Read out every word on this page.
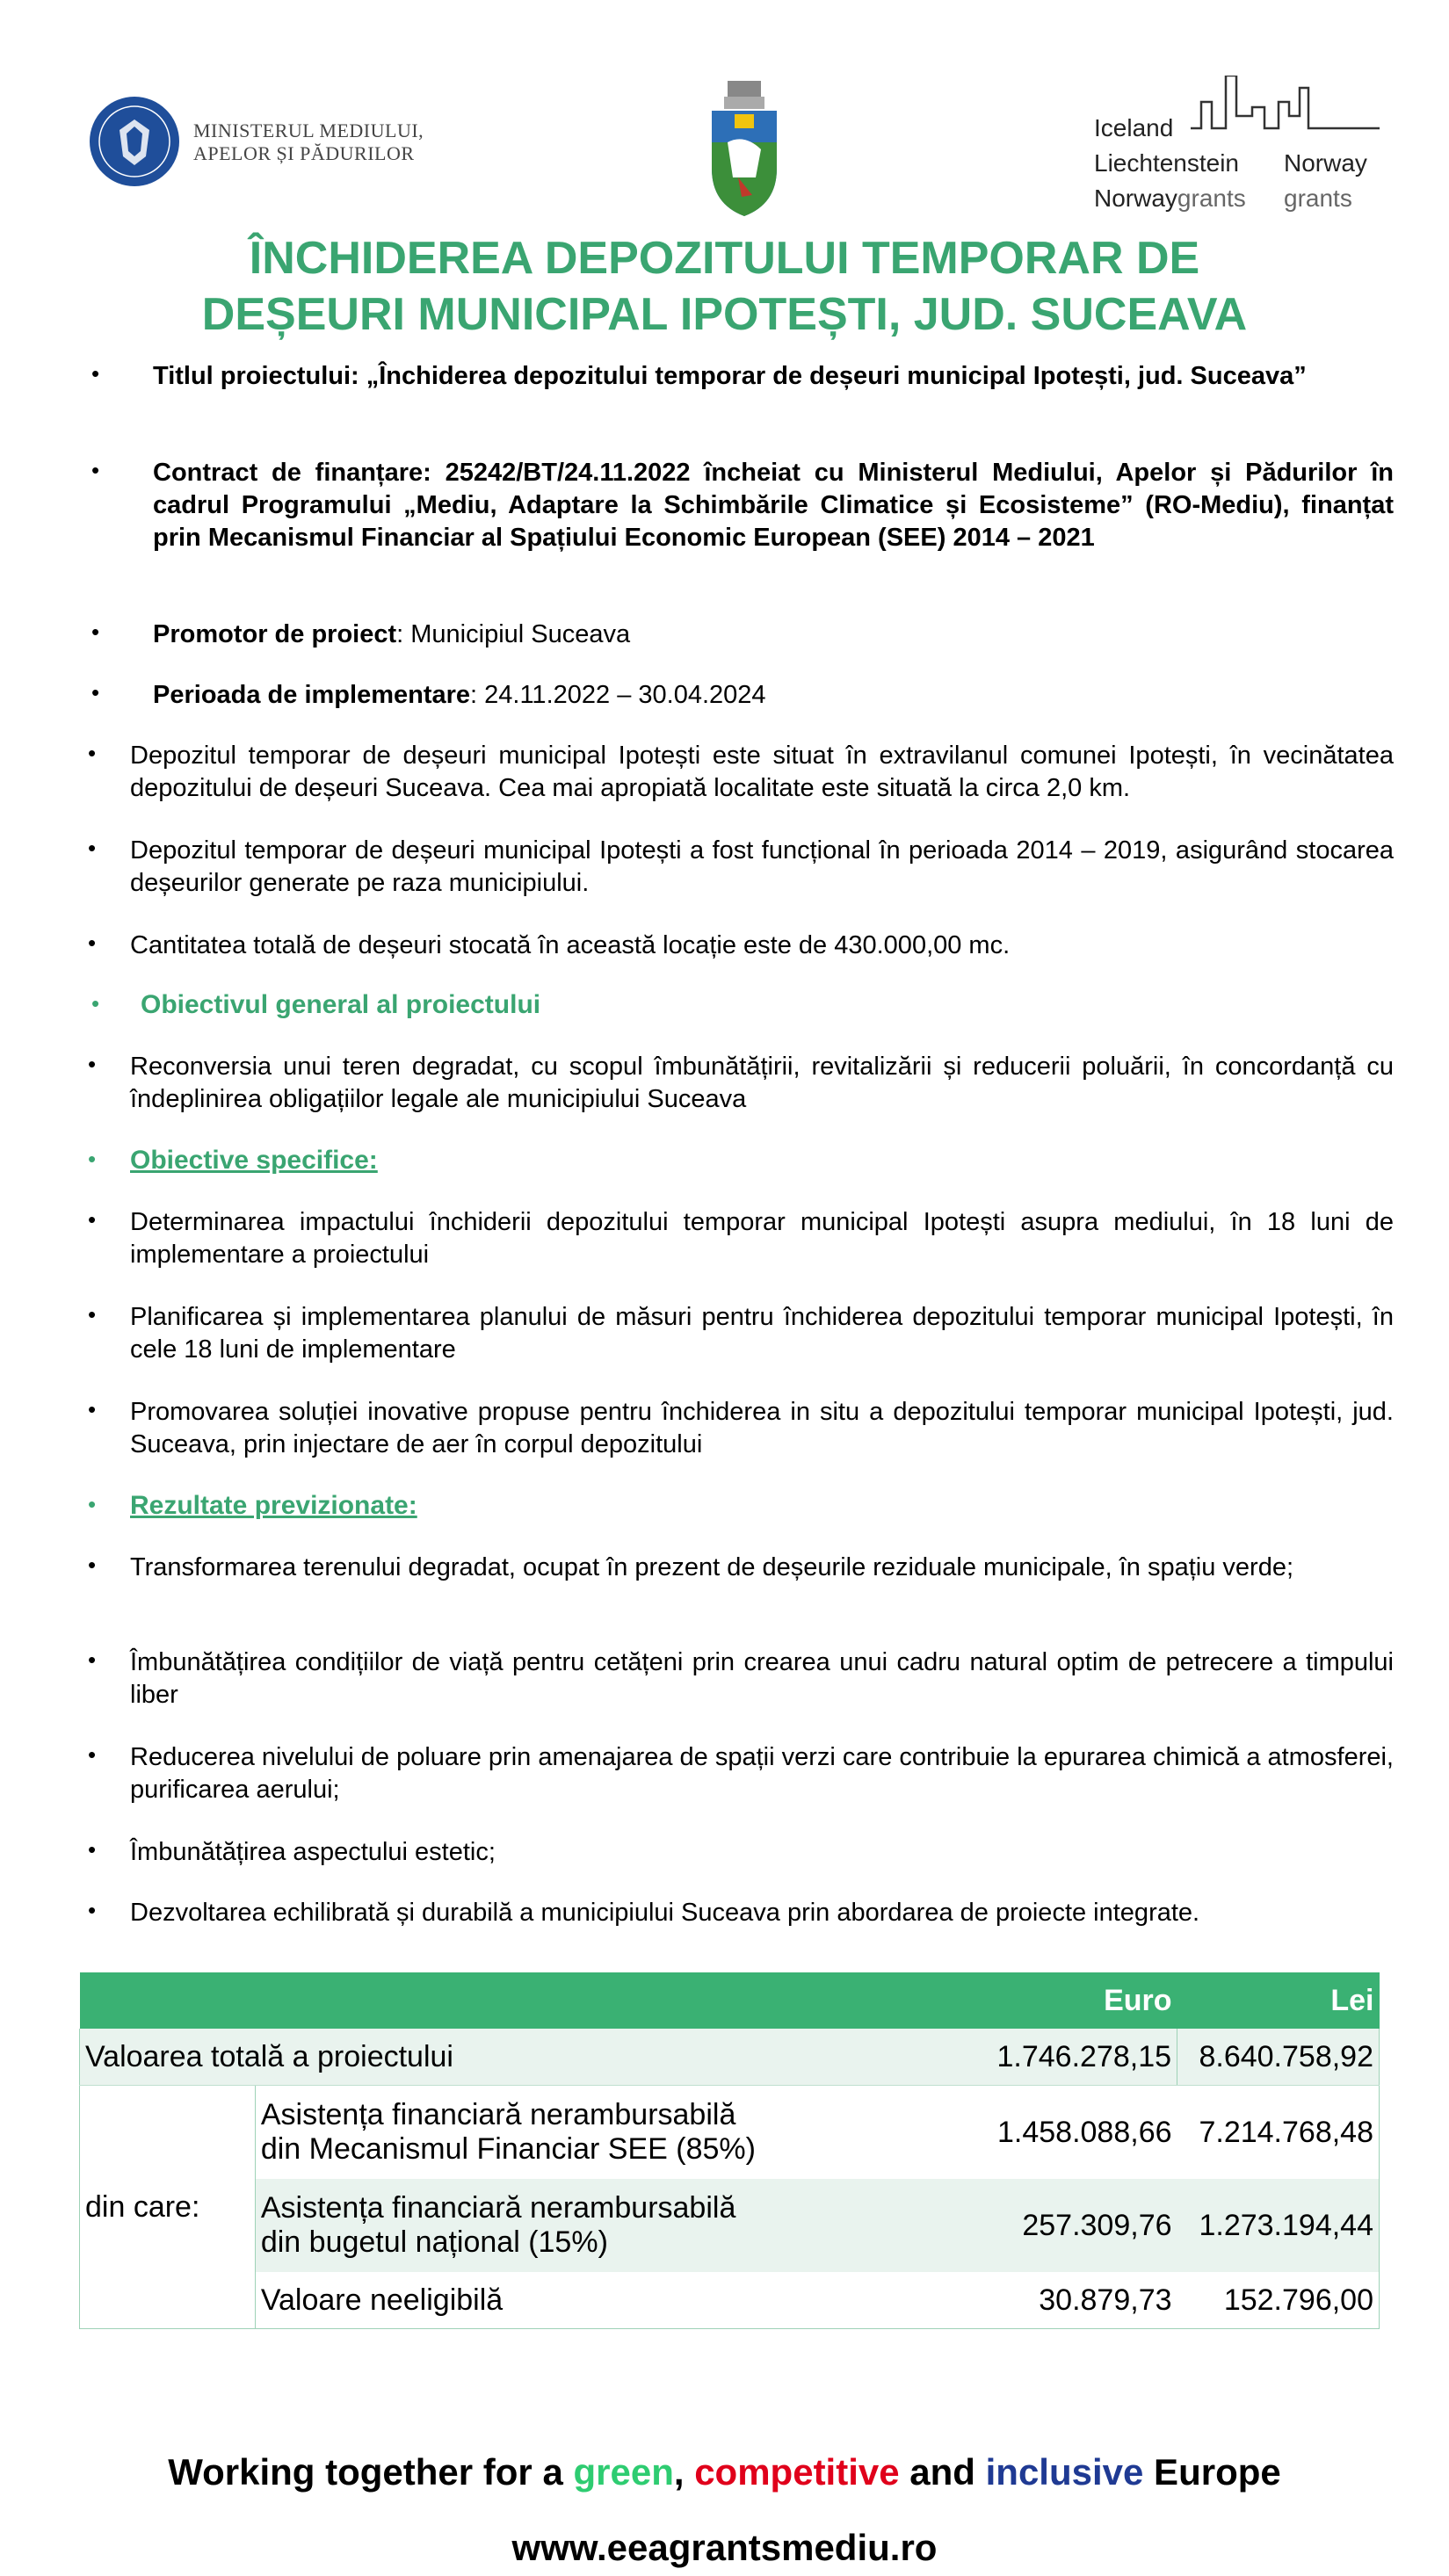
MINISTERUL MEDIULUI,
APELOR ȘI PĂDURILOR
Iceland
Liechtenstein
Norwaygrants
Norway
grants
ÎNCHIDEREA DEPOZITULUI TEMPORAR DE
DEȘEURI MUNICIPAL IPOTEȘTI, JUD. SUCEAVA
• Titlul proiectului: „Închiderea depozitului temporar de deșeuri municipal Ipotești, jud. Suceava”
• Contract de finanțare: 25242/BT/24.11.2022 încheiat cu Ministerul Mediului, Apelor și Pădurilor în cadrul Programului „Mediu, Adaptare la Schimbările Climatice și Ecosisteme” (RO-Mediu), finanțat prin Mecanismul Financiar al Spațiului Economic European (SEE) 2014 – 2021
• Promotor de proiect: Municipiul Suceava
• Perioada de implementare: 24.11.2022 – 30.04.2024
• Depozitul temporar de deșeuri municipal Ipotești este situat în extravilanul comunei Ipotești, în vecinătatea depozitului de deșeuri Suceava. Cea mai apropiată localitate este situată la circa 2,0 km.
• Depozitul temporar de deșeuri municipal Ipotești a fost funcțional în perioada 2014 – 2019, asigurând stocarea deșeurilor generate pe raza municipiului.
• Cantitatea totală de deșeuri stocată în această locație este de 430.000,00 mc.
• Obiectivul general al proiectului
• Reconversia unui teren degradat, cu scopul îmbunătățirii, revitalizării și reducerii poluării, în concordanță cu îndeplinirea obligațiilor legale ale municipiului Suceava
• Obiective specifice:
• Determinarea impactului închiderii depozitului temporar municipal Ipotești asupra mediului, în 18 luni de implementare a proiectului
• Planificarea și implementarea planului de măsuri pentru închiderea depozitului temporar municipal Ipotești, în cele 18 luni de implementare
• Promovarea soluției inovative propuse pentru închiderea in situ a depozitului temporar municipal Ipotești, jud. Suceava, prin injectare de aer în corpul depozitului
• Rezultate previzionate:
• Transformarea terenului degradat, ocupat în prezent de deșeurile reziduale municipale, în spațiu verde;
• Îmbunătățirea condițiilor de viață pentru cetățeni prin crearea unui cadru natural optim de petrecere a timpului liber
• Reducerea nivelului de poluare prin amenajarea de spații verzi care contribuie la epurarea chimică a atmosferei, purificarea aerului;
• Îmbunătățirea aspectului estetic;
• Dezvoltarea echilibrată și durabilă a municipiului Suceava prin abordarea de proiecte integrate.
		Euro	Lei
Valoarea totală a proiectului		1.746.278,15	8.640.758,92
din care:	Asistența financiară nerambursabilă
din Mecanismul Financiar SEE (85%)	1.458.088,66	7.214.768,48

	Asistența financiară nerambursabilă
din bugetul național (15%)	257.309,76	1.273.194,44
	Valoare neeligibilă	30.879,73	152.796,00
Working together for a green, competitive and inclusive Europe
www.eeagrantsmediu.ro
